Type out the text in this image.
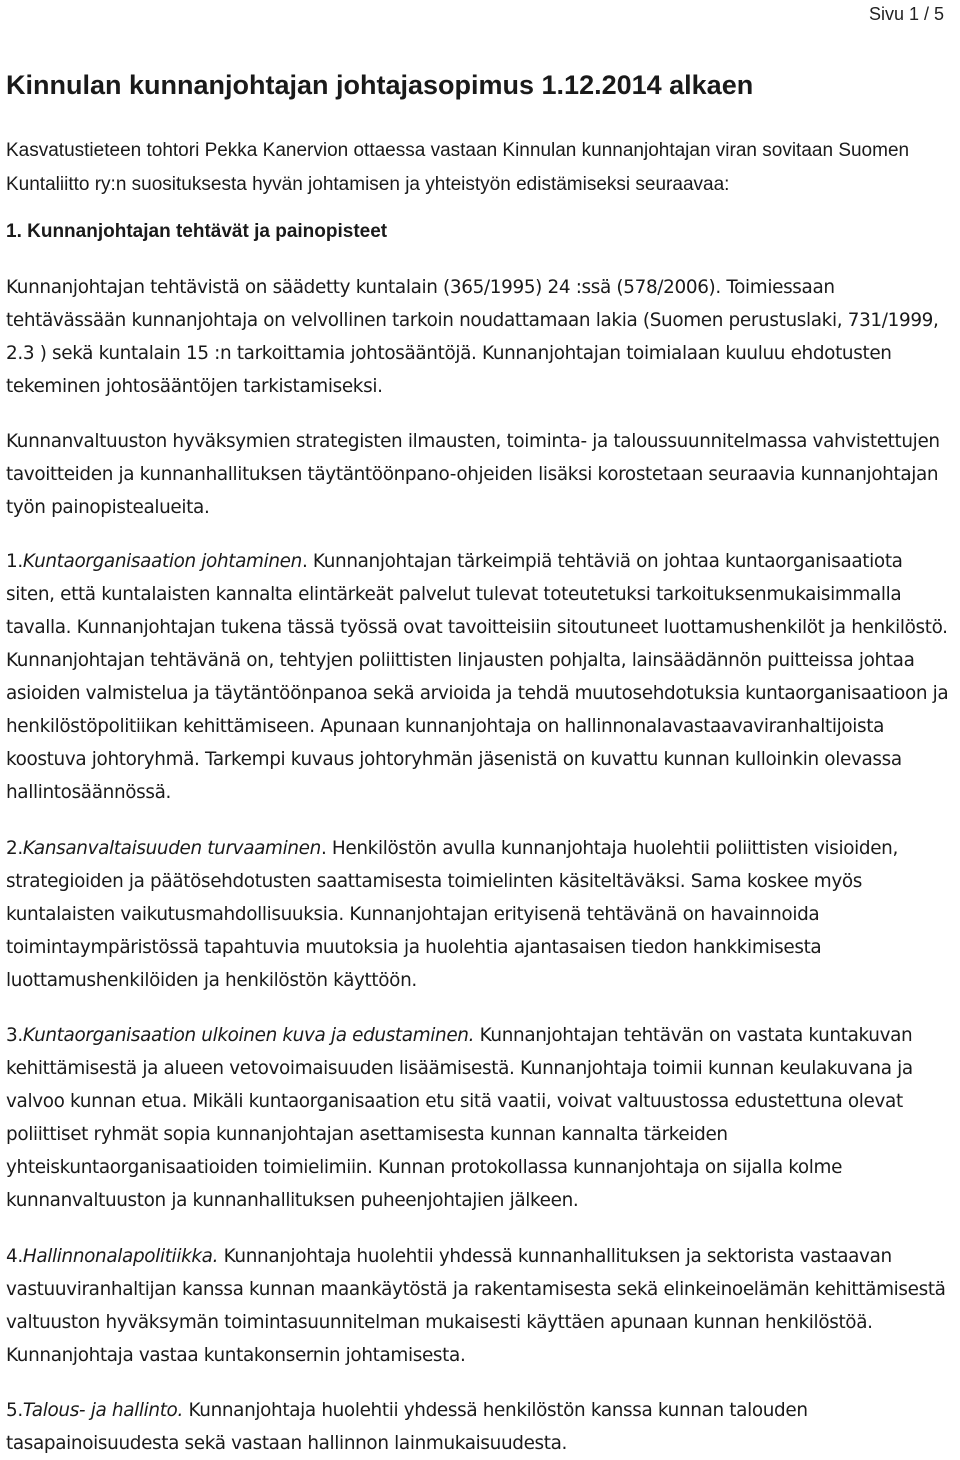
Sivu 1 / 5
Kinnulan kunnanjohtajan johtajasopimus 1.12.2014 alkaen

Kasvatustieteen tohtori Pekka Kanervion ottaessa vastaan Kinnulan kunnanjohtajan viran sovitaan Suomen Kuntaliitto ry:n suosituksesta hyvän johtamisen ja yhteistyön edistämiseksi seuraavaa:

1. Kunnanjohtajan tehtävät ja painopisteet

Kunnanjohtajan tehtävistä on säädetty kuntalain (365/1995) 24 :ssä (578/2006). Toimiessaan tehtävässään kunnanjohtaja on velvollinen tarkoin noudattamaan lakia (Suomen perustuslaki, 731/1999, 2.3 ) sekä kuntalain 15 :n tarkoittamia johtosääntöjä. Kunnanjohtajan toimialaan kuuluu ehdotusten tekeminen johtosääntöjen tarkistamiseksi.

Kunnanvaltuuston hyväksymien strategisten ilmausten, toiminta- ja taloussuunnitelmassa vahvistettujen tavoitteiden ja kunnanhallituksen täytäntöönpano-ohjeiden lisäksi korostetaan seuraavia kunnanjohtajan työn painopistealueita.

1.Kuntaorganisaation johtaminen. Kunnanjohtajan tärkeimpiä tehtäviä on johtaa kuntaorganisaatiota siten, että kuntalaisten kannalta elintärkeät palvelut tulevat toteutetuksi tarkoituksenmukaisimmalla tavalla. Kunnanjohtajan tukena tässä työssä ovat tavoitteisiin sitoutuneet luottamushenkilöt ja henkilöstö. Kunnanjohtajan tehtävänä on, tehtyjen poliittisten linjausten pohjalta, lainsäädännön puitteissa johtaa asioiden valmistelua ja täytäntöönpanoa sekä arvioida ja tehdä muutosehdotuksia kuntaorganisaatioon ja henkilöstöpolitiikan kehittämiseen. Apunaan kunnanjohtaja on hallinnonalavastaavaviranhaltijoista koostuva johtoryhmä. Tarkempi kuvaus johtoryhmän jäsenistä on kuvattu kunnan kulloinkin olevassa hallintosäännössä.

2.Kansanvaltaisuuden turvaaminen. Henkilöstön avulla kunnanjohtaja huolehtii poliittisten visioiden, strategioiden ja päätösehdotusten saattamisesta toimielinten käsiteltäväksi. Sama koskee myös kuntalaisten vaikutusmahdollisuuksia. Kunnanjohtajan erityisenä tehtävänä on havainnoida toimintaympäristössä tapahtuvia muutoksia ja huolehtia ajantasaisen tiedon hankkimisesta luottamushenkilöiden ja henkilöstön käyttöön.

3.Kuntaorganisaation ulkoinen kuva ja edustaminen. Kunnanjohtajan tehtävän on vastata kuntakuvan kehittämisestä ja alueen vetovoimaisuuden lisäämisestä. Kunnanjohtaja toimii kunnan keulakuvana ja valvoo kunnan etua. Mikäli kuntaorganisaation etu sitä vaatii, voivat valtuustossa edustettuna olevat poliittiset ryhmät sopia kunnanjohtajan asettamisesta kunnan kannalta tärkeiden yhteiskuntaorganisaatioiden toimielimiin. Kunnan protokollassa kunnanjohtaja on sijalla kolme kunnanvaltuuston ja kunnanhallituksen puheenjohtajien jälkeen.

4.Hallinnonalapolitiikka. Kunnanjohtaja huolehtii yhdessä kunnanhallituksen ja sektorista vastaavan vastuuviranhaltijan kanssa kunnan maankäytöstä ja rakentamisesta sekä elinkeinoelämän kehittämisestä valtuuston hyväksymän toimintasuunnitelman mukaisesti käyttäen apunaan kunnan henkilöstöä. Kunnanjohtaja vastaa kuntakonsernin johtamisesta.

5.Talous- ja hallinto. Kunnanjohtaja huolehtii yhdessä henkilöstön kanssa kunnan talouden tasapainoisuudesta sekä vastaan hallinnon lainmukaisuudesta.
